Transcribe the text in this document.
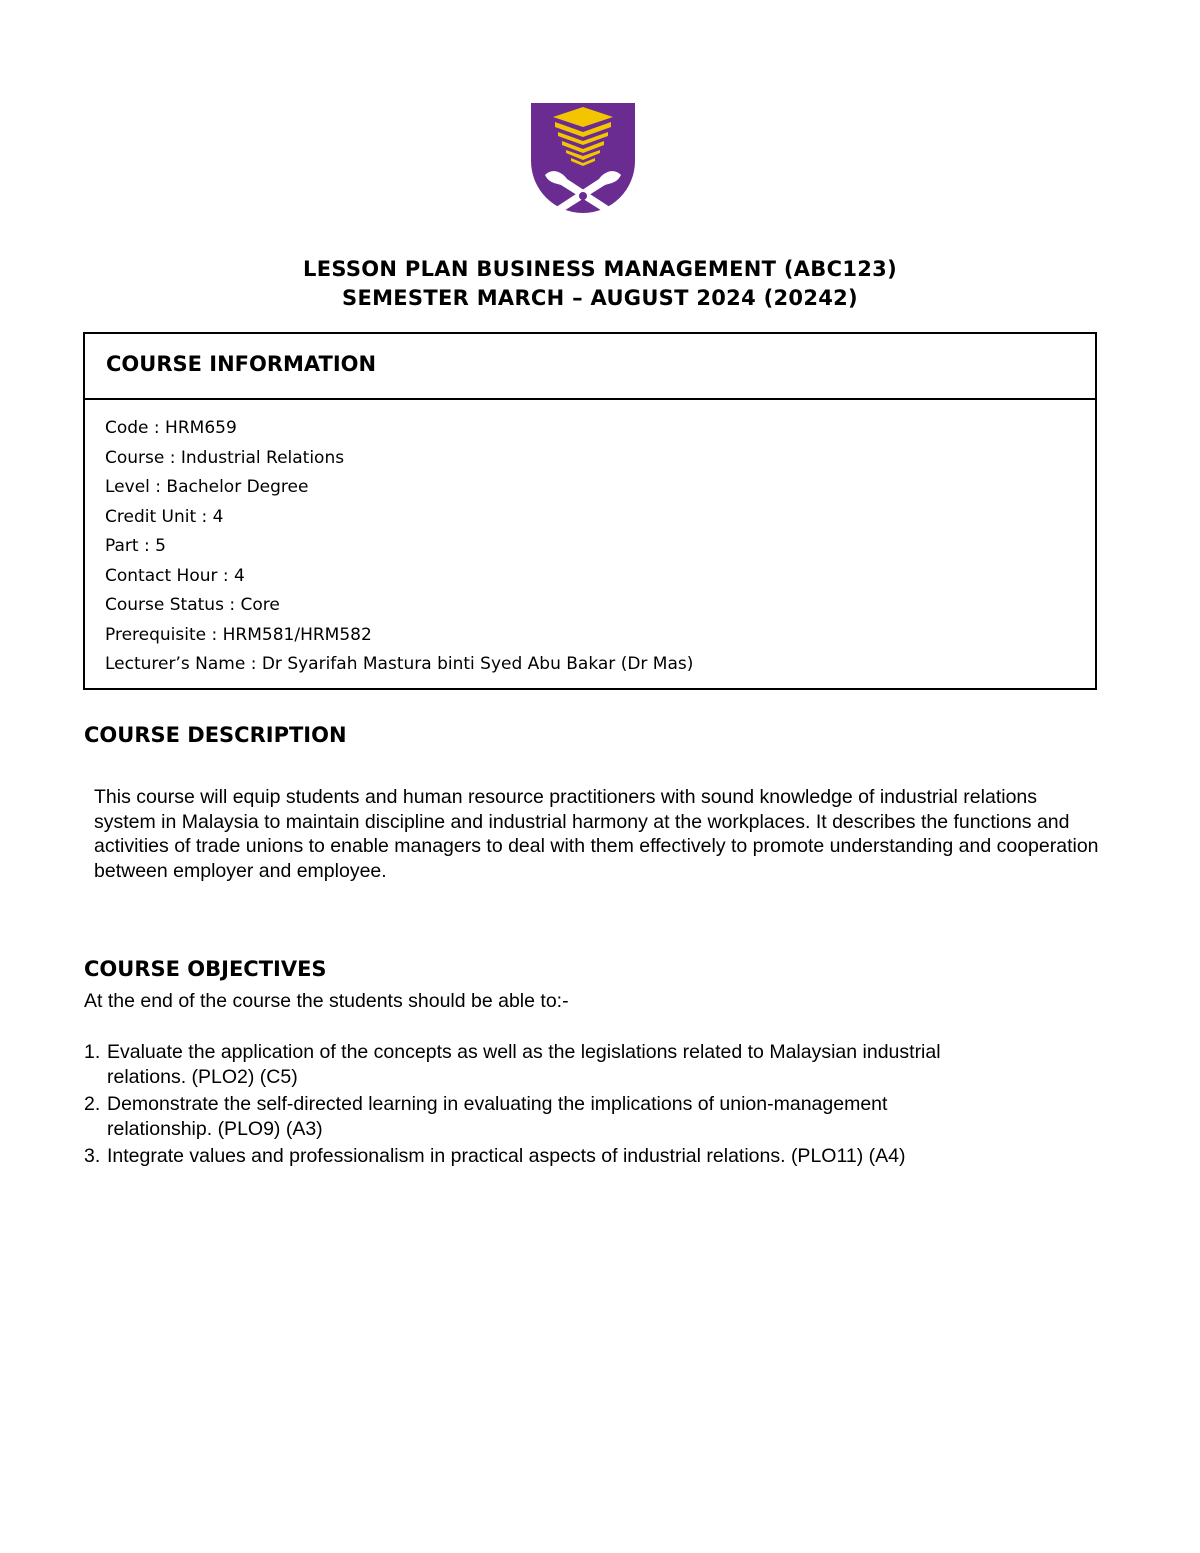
LESSON PLAN BUSINESS MANAGEMENT (ABC123)
SEMESTER MARCH – AUGUST 2024 (20242)
COURSE INFORMATION
Code : HRM659
Course : Industrial Relations
Level : Bachelor Degree
Credit Unit : 4
Part : 5
Contact Hour : 4
Course Status : Core
Prerequisite : HRM581/HRM582
Lecturer’s Name : Dr Syarifah Mastura binti Syed Abu Bakar (Dr Mas)
COURSE DESCRIPTION
This course will equip students and human resource practitioners with sound knowledge of industrial relations system in Malaysia to maintain discipline and industrial harmony at the workplaces. It describes the functions and activities of trade unions to enable managers to deal with them effectively to promote understanding and cooperation between employer and employee.
COURSE OBJECTIVES
At the end of the course the students should be able to:-
1. Evaluate the application of the concepts as well as the legislations related to Malaysian industrial relations. (PLO2) (C5)
2. Demonstrate the self-directed learning in evaluating the implications of union-management relationship. (PLO9) (A3)
3. Integrate values and professionalism in practical aspects of industrial relations. (PLO11) (A4)
